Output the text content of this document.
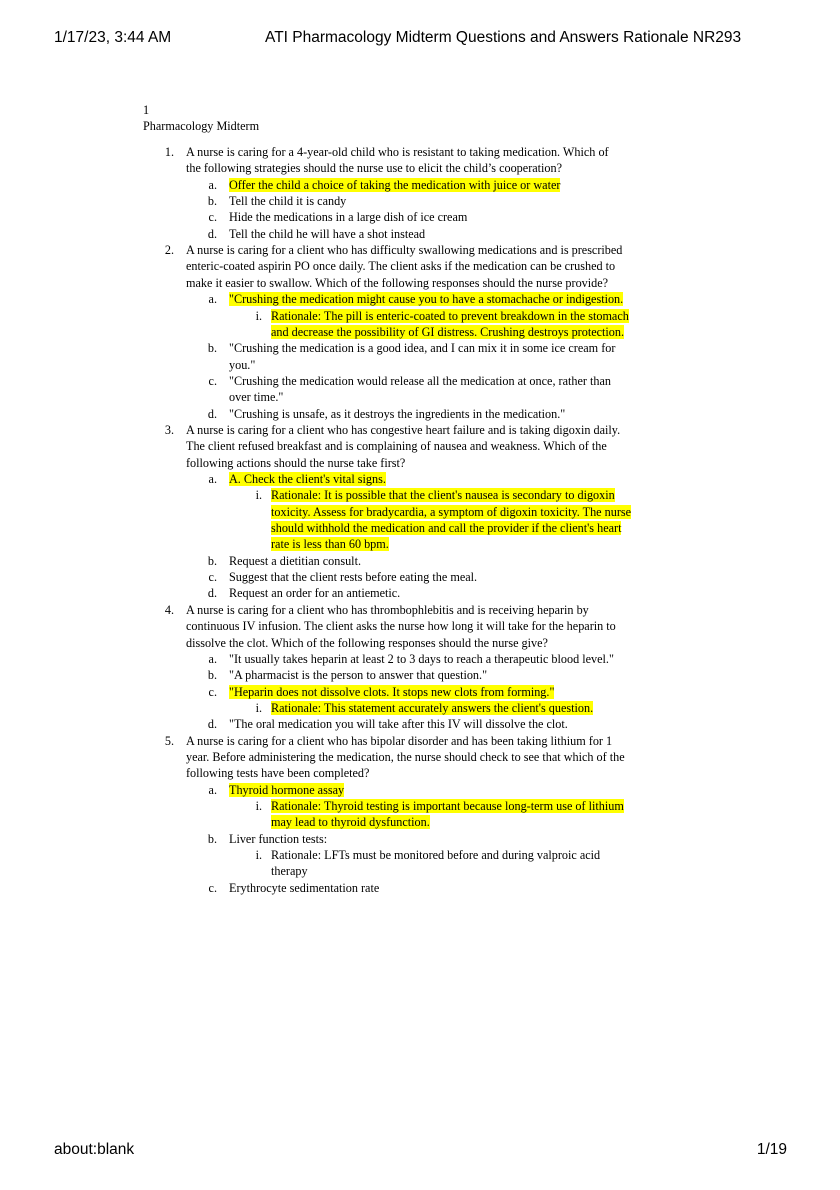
1/17/23, 3:44 AM	ATI Pharmacology Midterm Questions and Answers Rationale NR293
1
Pharmacology Midterm
1. A nurse is caring for a 4-year-old child who is resistant to taking medication. Which of
the following strategies should the nurse use to elicit the child’s cooperation?
a. Offer the child a choice of taking the medication with juice or water
b. Tell the child it is candy
c. Hide the medications in a large dish of ice cream
d. Tell the child he will have a shot instead
2. A nurse is caring for a client who has difficulty swallowing medications and is prescribed
enteric-coated aspirin PO once daily. The client asks if the medication can be crushed to
make it easier to swallow. Which of the following responses should the nurse provide?
a. "Crushing the medication might cause you to have a stomachache or indigestion.
i. Rationale: The pill is enteric-coated to prevent breakdown in the stomach
and decrease the possibility of GI distress. Crushing destroys protection.
b. "Crushing the medication is a good idea, and I can mix it in some ice cream for
you."
c. "Crushing the medication would release all the medication at once, rather than
over time."
d. "Crushing is unsafe, as it destroys the ingredients in the medication."
3. A nurse is caring for a client who has congestive heart failure and is taking digoxin daily.
The client refused breakfast and is complaining of nausea and weakness. Which of the
following actions should the nurse take first?
a. A. Check the client's vital signs.
i. Rationale: It is possible that the client's nausea is secondary to digoxin
toxicity. Assess for bradycardia, a symptom of digoxin toxicity. The nurse
should withhold the medication and call the provider if the client's heart
rate is less than 60 bpm.
b. Request a dietitian consult.
c. Suggest that the client rests before eating the meal.
d. Request an order for an antiemetic.
4. A nurse is caring for a client who has thrombophlebitis and is receiving heparin by
continuous IV infusion. The client asks the nurse how long it will take for the heparin to
dissolve the clot. Which of the following responses should the nurse give?
a. "It usually takes heparin at least 2 to 3 days to reach a therapeutic blood level."
b. "A pharmacist is the person to answer that question."
c. "Heparin does not dissolve clots. It stops new clots from forming."
i. Rationale: This statement accurately answers the client's question.
d. "The oral medication you will take after this IV will dissolve the clot.
5. A nurse is caring for a client who has bipolar disorder and has been taking lithium for 1
year. Before administering the medication, the nurse should check to see that which of the
following tests have been completed?
a. Thyroid hormone assay
i. Rationale: Thyroid testing is important because long-term use of lithium
may lead to thyroid dysfunction.
b. Liver function tests:
i. Rationale: LFTs must be monitored before and during valproic acid
therapy
c. Erythrocyte sedimentation rate
about:blank	1/19
